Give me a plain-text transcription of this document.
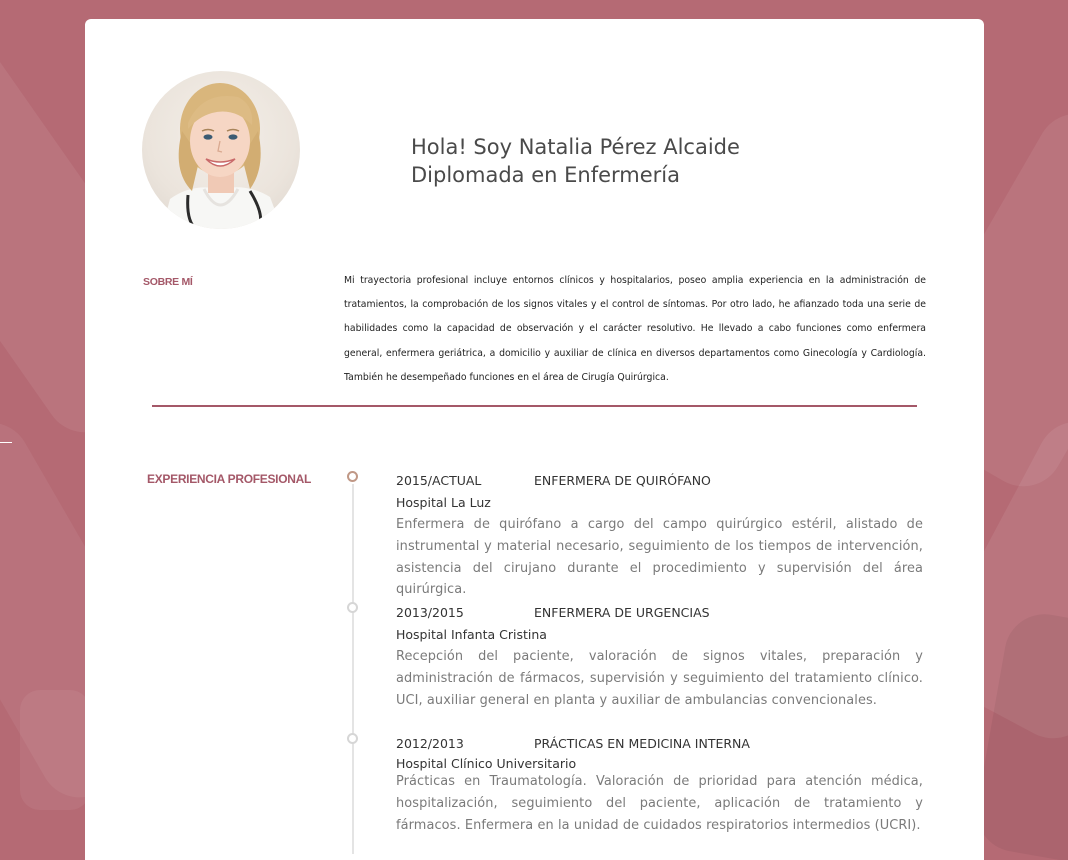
Hola! Soy Natalia Pérez Alcaide
Diplomada en Enfermería
SOBRE MÍ	Mi trayectoria profesional incluye entornos clínicos y hospitalarios, poseo amplia experiencia en la administración de tratamientos, la comprobación de los signos vitales y el control de síntomas. Por otro lado, he afianzado toda una serie de habilidades como la capacidad de observación y el carácter resolutivo. He llevado a cabo funciones como enfermera general, enfermera geriátrica, a domicilio y auxiliar de clínica en diversos departamentos como Ginecología y Cardiología. También he desempeñado funciones en el área de Cirugía Quirúrgica.
EXPERIENCIA PROFESIONAL	2015/ACTUAL	ENFERMERA DE QUIRÓFANO
Hospital La Luz
Enfermera de quirófano a cargo del campo quirúrgico estéril, alistado de instrumental y material necesario, seguimiento de los tiempos de intervención, asistencia del cirujano durante el procedimiento y supervisión del área quirúrgica.
2013/2015	ENFERMERA DE URGENCIAS
Hospital Infanta Cristina
Recepción del paciente, valoración de signos vitales, preparación y administración de fármacos, supervisión y seguimiento del tratamiento clínico. UCI, auxiliar general en planta y auxiliar de ambulancias convencionales.
2012/2013	PRÁCTICAS EN MEDICINA INTERNA
Hospital Clínico Universitario
Prácticas en Traumatología. Valoración de prioridad para atención médica, hospitalización, seguimiento del paciente, aplicación de tratamiento y fármacos. Enfermera en la unidad de cuidados respiratorios intermedios (UCRI).
